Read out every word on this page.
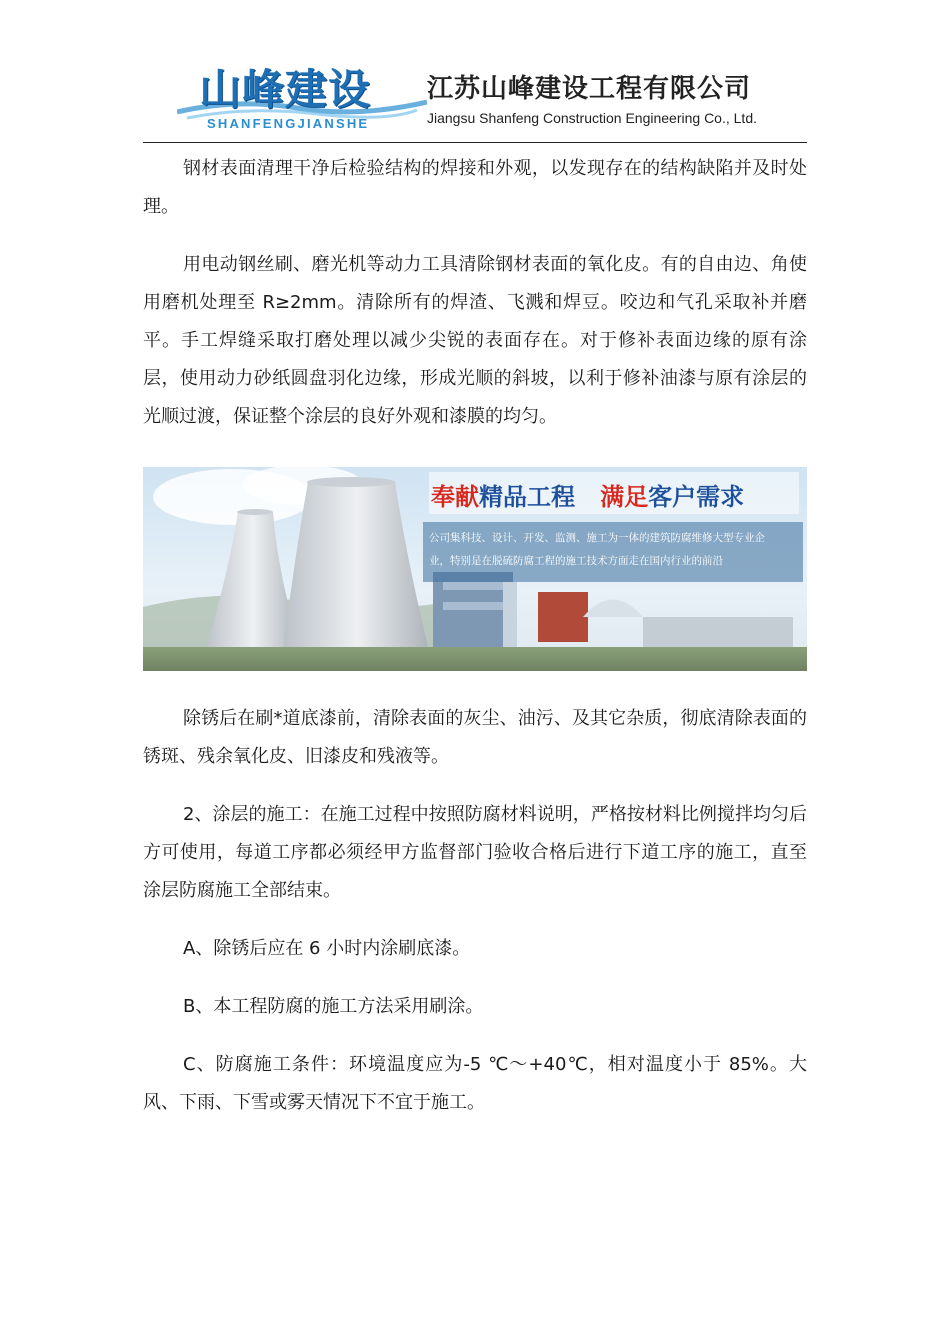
山峰建设
SHANFENGJIANSHE
江苏山峰建设工程有限公司
Jiangsu Shanfeng Construction Engineering Co., Ltd.

钢材表面清理干净后检验结构的焊接和外观，以发现存在的结构缺陷并及时处理。

用电动钢丝刷、磨光机等动力工具清除钢材表面的氧化皮。有的自由边、角使用磨机处理至 R≥2mm。清除所有的焊渣、飞溅和焊豆。咬边和气孔采取补并磨平。手工焊缝采取打磨处理以减少尖锐的表面存在。对于修补表面边缘的原有涂层，使用动力砂纸圆盘羽化边缘，形成光顺的斜坡，以利于修补油漆与原有涂层的光顺过渡，保证整个涂层的良好外观和漆膜的均匀。

奉献精品工程 满足客户需求
公司集科技、设计、开发、监测、施工为一体的建筑防腐维修大型专业企业，特别是在脱硫防腐工程的施工技术方面走在国内行业的前沿

除锈后在刷*道底漆前，清除表面的灰尘、油污、及其它杂质，彻底清除表面的锈斑、残余氧化皮、旧漆皮和残液等。

2、涂层的施工：在施工过程中按照防腐材料说明，严格按材料比例搅拌均匀后方可使用，每道工序都必须经甲方监督部门验收合格后进行下道工序的施工，直至涂层防腐施工全部结束。

A、除锈后应在 6 小时内涂刷底漆。

B、本工程防腐的施工方法采用刷涂。

C、防腐施工条件：环境温度应为-5 ℃～+40℃，相对温度小于 85%。大风、下雨、下雪或雾天情况下不宜于施工。
